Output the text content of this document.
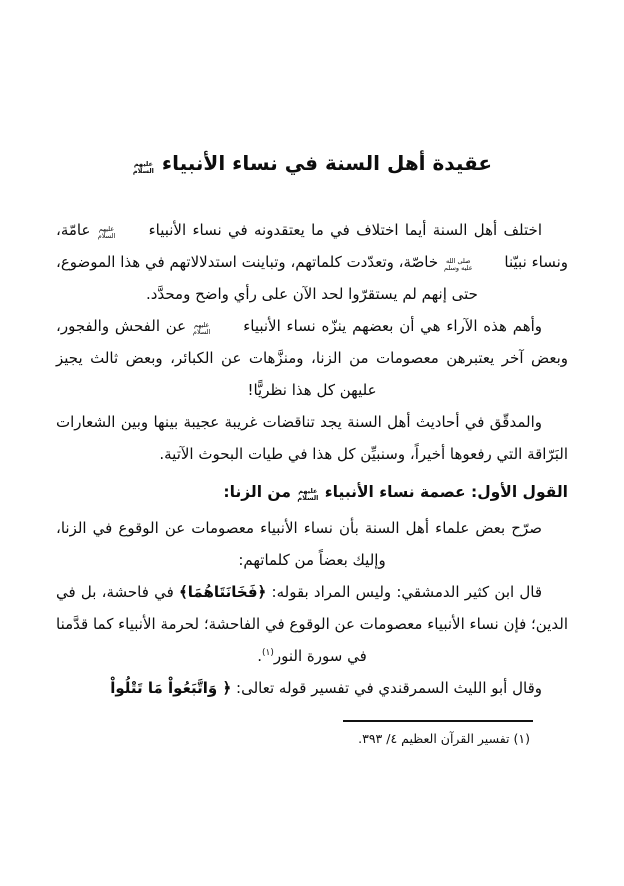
عقيدة أهل السنة في نساء الأنبياء
عليهم
السلام

اختلف أهل السنة أيما اختلاف في ما يعتقدونه في نساء الأنبياء
عليهم
السلام
عامّة، ونساء نبيّنا
صلى الله
عليه وسلم
خاصّة، وتعدّدت كلماتهم، وتباينت استدلالاتهم في هذا الموضوع، حتى إنهم لم يستقرّوا لحد الآن على رأي واضح ومحدَّد.

وأهم هذه الآراء هي أن بعضهم ينزّه نساء الأنبياء
عليهم
السلام
عن الفحش والفجور، وبعض آخر يعتبرهن معصومات من الزنا، ومنزَّهات عن الكبائر، وبعض ثالث يجيز عليهن كل هذا نظريًّا!

والمدقّق في أحاديث أهل السنة يجد تناقضات غريبة عجيبة بينها وبين الشعارات البَرّاقة التي رفعوها أخيراً، وسنبيِّن كل هذا في طيات البحوث الآتية.

القول الأول: عصمة نساء الأنبياء
عليهم
السلام
من الزنا:

صرّح بعض علماء أهل السنة بأن نساء الأنبياء معصومات عن الوقوع في الزنا، وإليك بعضاً من كلماتهم:

قال ابن كثير الدمشقي: وليس المراد بقوله: ﴿فَخَانَتَاهُمَا﴾ في فاحشة، بل في الدين؛ فإن نساء الأنبياء معصومات عن الوقوع في الفاحشة؛ لحرمة الأنبياء كما قدَّمنا في سورة النور$^{(١)}$.

وقال أبو الليث السمرقندي في تفسير قوله تعالى: ﴿ وَاتَّبَعُواْ مَا تَتْلُواْ

(١) تفسير القرآن العظيم ٤/ ٣٩٣.
